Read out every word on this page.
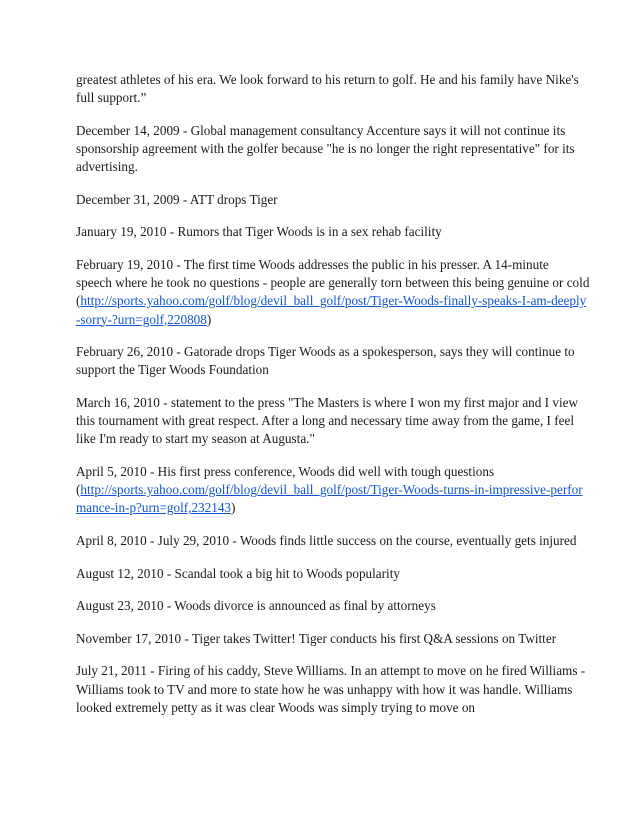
greatest athletes of his era. We look forward to his return to golf. He and his family have Nike's
full support.”

December 14, 2009 - Global management consultancy Accenture says it will not continue its
sponsorship agreement with the golfer because "he is no longer the right representative" for its
advertising.

December 31, 2009 - ATT drops Tiger

January 19, 2010 - Rumors that Tiger Woods is in a sex rehab facility

February 19, 2010 - The first time Woods addresses the public in his presser. A 14-minute
speech where he took no questions - people are generally torn between this being genuine or cold
(http://sports.yahoo.com/golf/blog/devil_ball_golf/post/Tiger-Woods-finally-speaks-I-am-deeply
-sorry-?urn=golf,220808)

February 26, 2010 - Gatorade drops Tiger Woods as a spokesperson, says they will continue to
support the Tiger Woods Foundation

March 16, 2010 - statement to the press "The Masters is where I won my first major and I view
this tournament with great respect. After a long and necessary time away from the game, I feel
like I'm ready to start my season at Augusta."

April 5, 2010 - His first press conference, Woods did well with tough questions
(http://sports.yahoo.com/golf/blog/devil_ball_golf/post/Tiger-Woods-turns-in-impressive-perfor
mance-in-p?urn=golf,232143)

April 8, 2010 - July 29, 2010 - Woods finds little success on the course, eventually gets injured

August 12, 2010 - Scandal took a big hit to Woods popularity

August 23, 2010 - Woods divorce is announced as final by attorneys

November 17, 2010 - Tiger takes Twitter! Tiger conducts his first Q&A sessions on Twitter

July 21, 2011 - Firing of his caddy, Steve Williams. In an attempt to move on he fired Williams -
Williams took to TV and more to state how he was unhappy with how it was handle. Williams
looked extremely petty as it was clear Woods was simply trying to move on
